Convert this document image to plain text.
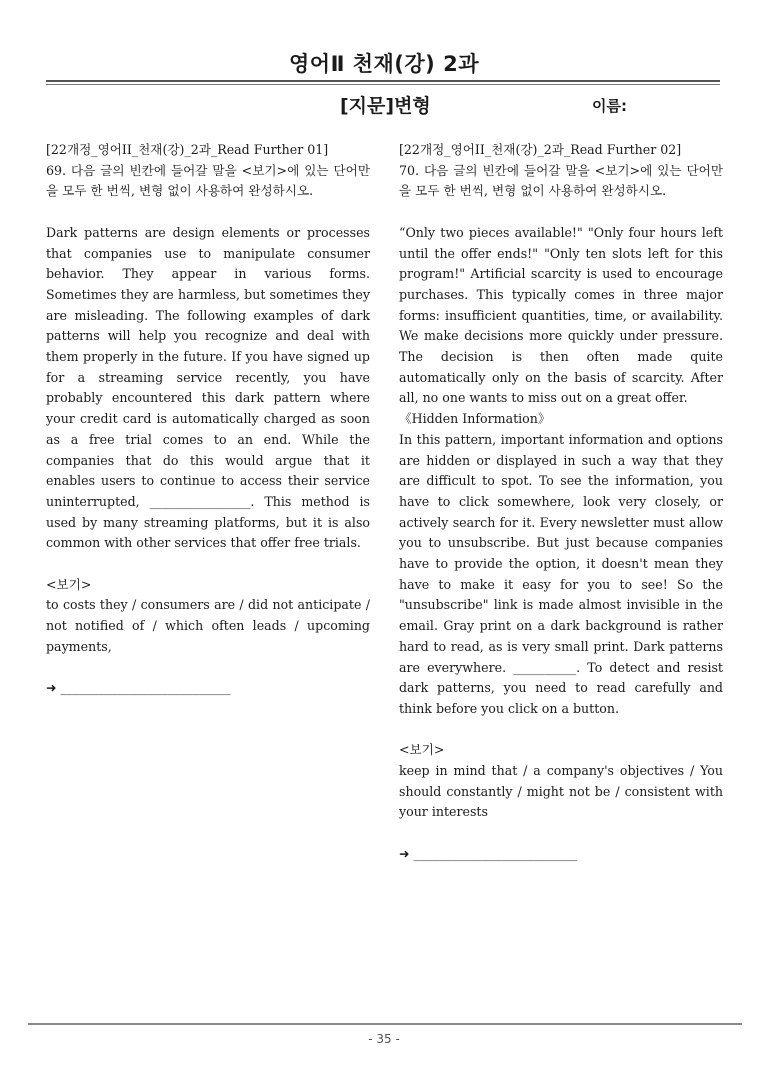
영어Ⅱ 천재(강) 2과
[지문]변형	이름:

[22개정_영어II_천재(강)_2과_Read Further 01]

69. 다음 글의 빈칸에 들어갈 말을 <보기>에 있는 단어만을 모두 한 번씩, 변형 없이 사용하여 완성하시오.

Dark patterns are design elements or processes that companies use to manipulate consumer behavior. They appear in various forms. Sometimes they are harmless, but sometimes they are misleading. The following examples of dark patterns will help you recognize and deal with them properly in the future. If you have signed up for a streaming service recently, you have probably encountered this dark pattern where your credit card is automatically charged as soon as a free trial comes to an end. While the companies that do this would argue that it enables users to continue to access their service uninterrupted, ________________. This method is used by many streaming platforms, but it is also common with other services that offer free trials.

<보기>

to costs they / consumers are / did not anticipate / not notified of / which often leads / upcoming payments,

➜ ___________________________

[22개정_영어II_천재(강)_2과_Read Further 02]

70. 다음 글의 빈칸에 들어갈 말을 <보기>에 있는 단어만을 모두 한 번씩, 변형 없이 사용하여 완성하시오.

“Only two pieces available!" "Only four hours left until the offer ends!" "Only ten slots left for this program!" Artificial scarcity is used to encourage purchases. This typically comes in three major forms: insufficient quantities, time, or availability. We make decisions more quickly under pressure. The decision is then often made quite automatically only on the basis of scarcity. After all, no one wants to miss out on a great offer.

《Hidden Information》

In this pattern, important information and options are hidden or displayed in such a way that they are difficult to spot. To see the information, you have to click somewhere, look very closely, or actively search for it. Every newsletter must allow you to unsubscribe. But just because companies have to provide the option, it doesn't mean they have to make it easy for you to see! So the "unsubscribe" link is made almost invisible in the email. Gray print on a dark background is rather hard to read, as is very small print. Dark patterns are everywhere. __________. To detect and resist dark patterns, you need to read carefully and think before you click on a button.

<보기>

keep in mind that / a company's objectives / You should constantly / might not be / consistent with your interests

➜ __________________________

- 35 -
